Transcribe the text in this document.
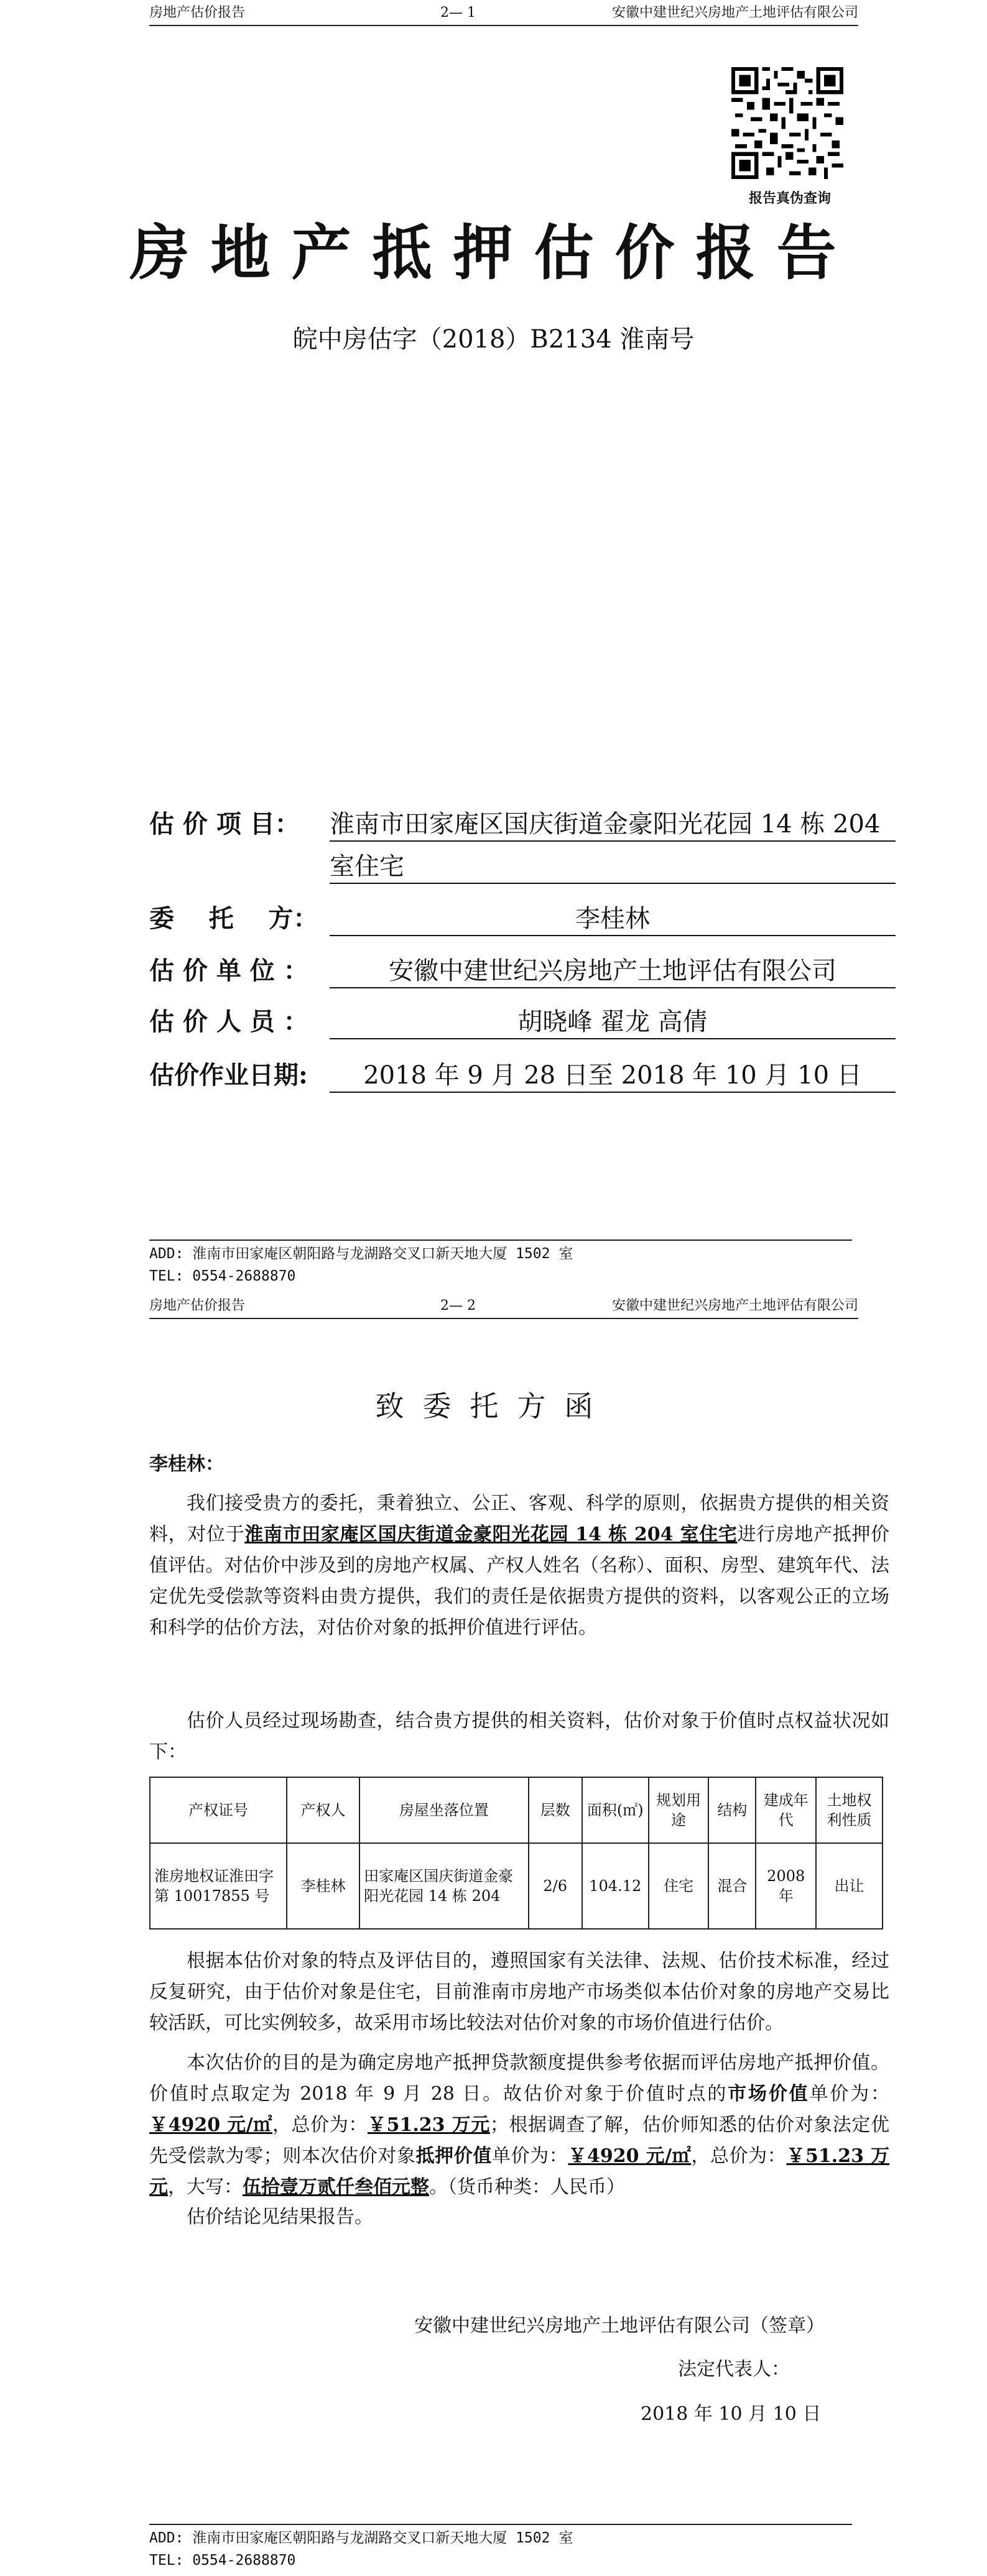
房地产估价报告	2— 1	安徽中建世纪兴房地产土地评估有限公司
报告真伪查询
房地产抵押估价报告
皖中房估字（2018）B2134 淮南号
估 价 项 目： 淮南市田家庵区国庆街道金豪阳光花园 14 栋 204
室住宅
委    托    方：	李桂林
估 价 单 位 ：	安徽中建世纪兴房地产土地评估有限公司
估 价 人 员 ：	胡晓峰 翟龙 高倩
估价作业日期:	2018 年 9 月 28 日至 2018 年 10 月 10 日
ADD: 淮南市田家庵区朝阳路与龙湖路交叉口新天地大厦 1502 室
TEL: 0554-2688870
房地产估价报告	2— 2	安徽中建世纪兴房地产土地评估有限公司
致委托方函
李桂林：
我们接受贵方的委托，秉着独立、公正、客观、科学的原则，依据贵方提供的相关资料，对位于淮南市田家庵区国庆街道金豪阳光花园 14 栋 204 室住宅进行房地产抵押价值评估。对估价中涉及到的房地产权属、产权人姓名（名称）、面积、房型、建筑年代、法定优先受偿款等资料由贵方提供，我们的责任是依据贵方提供的资料，以客观公正的立场和科学的估价方法，对估价对象的抵押价值进行评估。
估价人员经过现场勘查，结合贵方提供的相关资料，估价对象于价值时点权益状况如下：
产权证号	产权人	房屋坐落位置	层数	面积(㎡)	规划用途	结构	建成年代	土地权利性质
淮房地权证淮田字第 10017855 号	李桂林	田家庵区国庆街道金豪阳光花园 14 栋 204	2/6	104.12	住宅	混合	2008 年	出让
根据本估价对象的特点及评估目的，遵照国家有关法律、法规、估价技术标准，经过反复研究，由于估价对象是住宅，目前淮南市房地产市场类似本估价对象的房地产交易比较活跃，可比实例较多，故采用市场比较法对估价对象的市场价值进行估价。
本次估价的目的是为确定房地产抵押贷款额度提供参考依据而评估房地产抵押价值。价值时点取定为 2018 年 9 月 28 日。故估价对象于价值时点的市场价值单价为：￥4920 元/㎡，总价为：￥51.23 万元；根据调查了解，估价师知悉的估价对象法定优先受偿款为零；则本次估价对象抵押价值单价为：￥4920 元/㎡，总价为：￥51.23 万元，大写：伍拾壹万贰仟叁佰元整。（货币种类：人民币）
估价结论见结果报告。
安徽中建世纪兴房地产土地评估有限公司（签章）
法定代表人：
2018 年 10 月 10 日
ADD: 淮南市田家庵区朝阳路与龙湖路交叉口新天地大厦 1502 室
TEL: 0554-2688870
